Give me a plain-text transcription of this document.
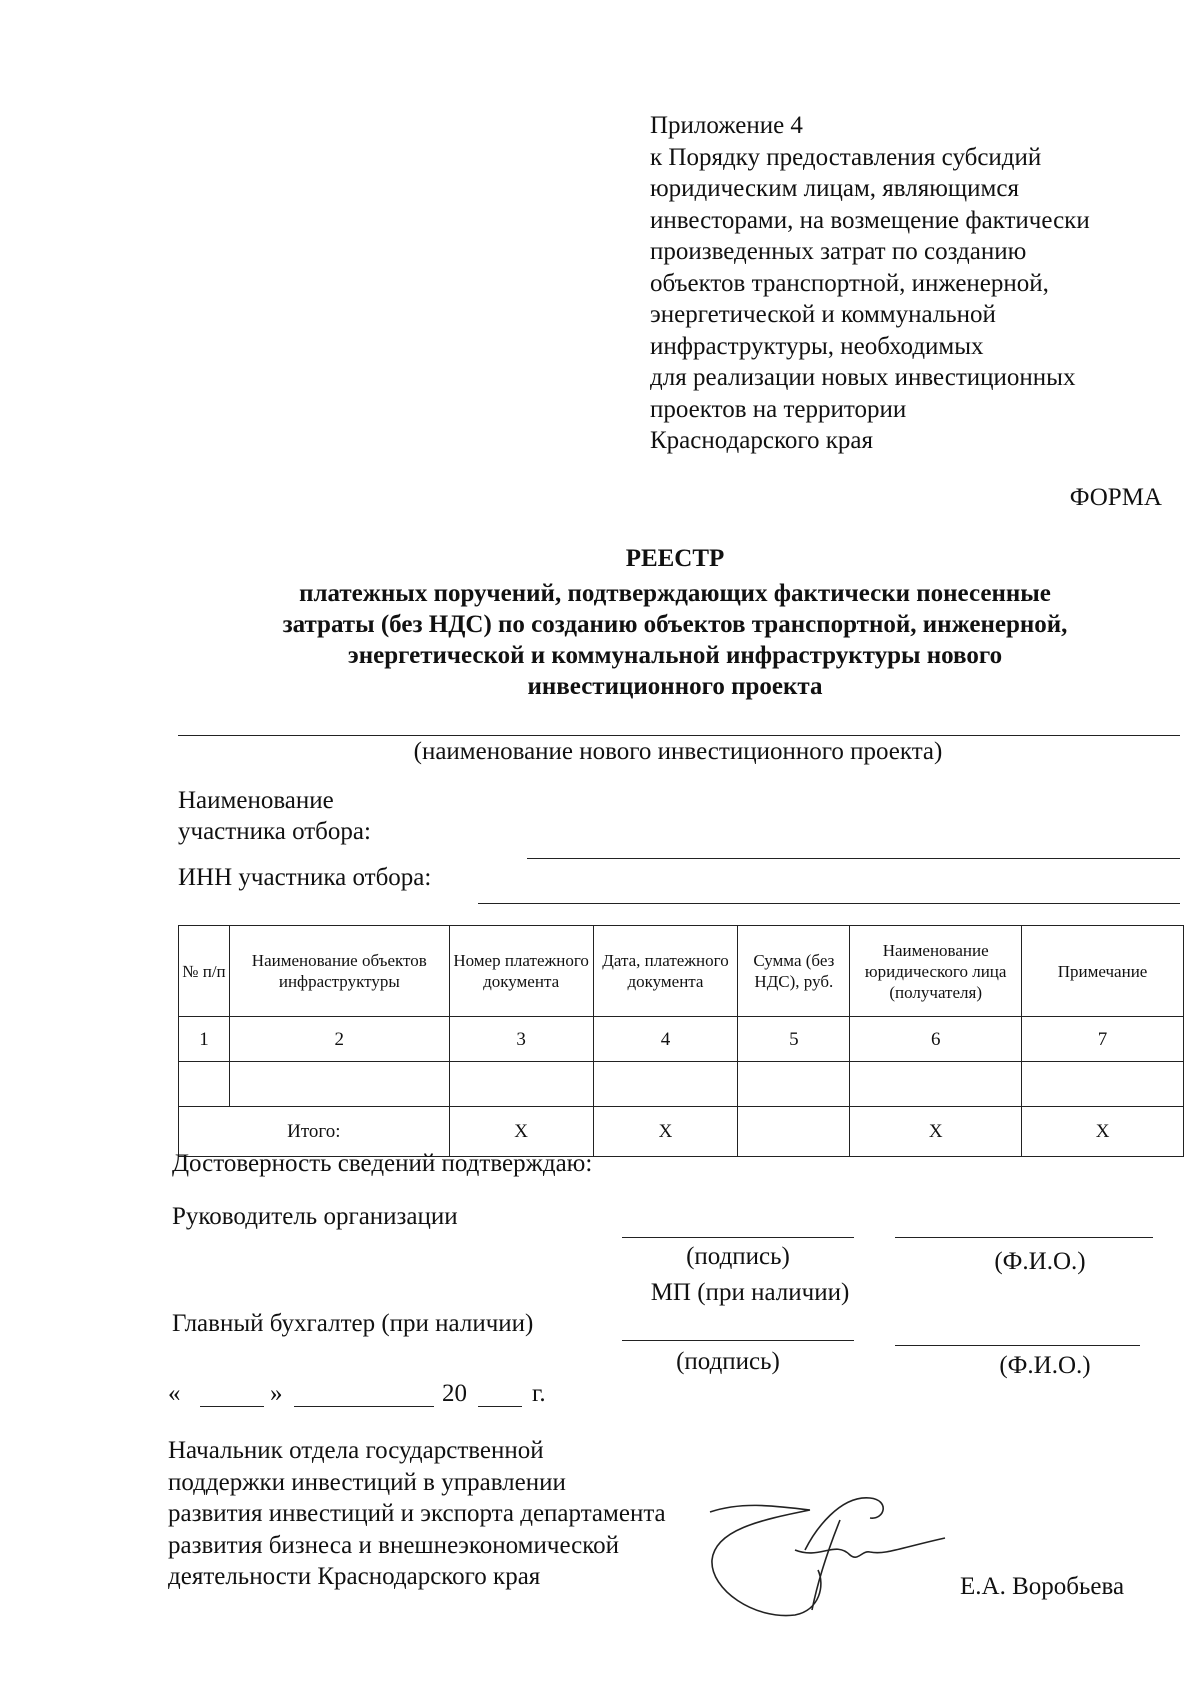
Приложение 4
к Порядку предоставления субсидий
юридическим лицам, являющимся
инвесторами, на возмещение фактически
произведенных затрат по созданию
объектов транспортной, инженерной,
энергетической и коммунальной
инфраструктуры, необходимых
для реализации новых инвестиционных
проектов на территории
Краснодарского края
ФОРМА
РЕЕСТР
платежных поручений, подтверждающих фактически понесенные
затраты (без НДС) по созданию объектов транспортной, инженерной,
энергетической и коммунальной инфраструктуры нового
инвестиционного проекта
(наименование нового инвестиционного проекта)
Наименование
участника отбора:
ИНН участника отбора:
№ п/п	Наименование объектов инфраструктуры	Номер платежного документа	Дата, платежного документа	Сумма (без НДС), руб.	Наименование юридического лица (получателя)	Примечание
1	2	3	4	5	6	7

Итого:		X	X		X	X
Достоверность сведений подтверждаю:
Руководитель организации
(подпись)	(Ф.И.О.)
МП (при наличии)
Главный бухгалтер (при наличии)
(подпись)	(Ф.И.О.)
«	»	20	г.
Начальник отдела государственной
поддержки инвестиций в управлении
развития инвестиций и экспорта департамента
развития бизнеса и внешнеэкономической
деятельности Краснодарского края	Е.А. Воробьева
